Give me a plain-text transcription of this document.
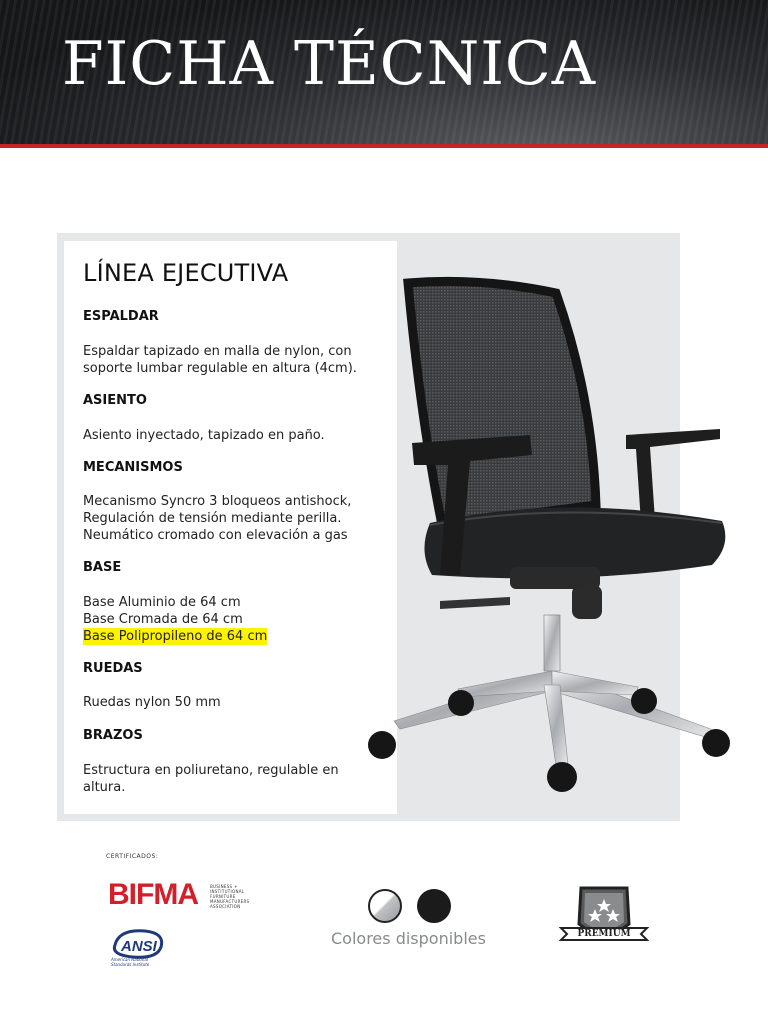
FICHA TÉCNICA
LÍNEA EJECUTIVA

ESPALDAR

Espaldar tapizado en malla de nylon, con
soporte lumbar regulable en altura (4cm).

ASIENTO

Asiento inyectado, tapizado en paño.

MECANISMOS

Mecanismo Syncro 3 bloqueos antishock,
Regulación de tensión mediante perilla.
Neumático cromado con elevación a gas

BASE

Base Aluminio de 64 cm
Base Cromada de 64 cm
Base Polipropileno de 64 cm

RUEDAS

Ruedas nylon 50 mm

BRAZOS

Estructura en poliuretano, regulable en
altura.

CERTIFICADOS:

BIFMA	BUSINESS +
INSTITUTIONAL
FURNITURE
MANUFACTURERS
ASSOCIATION
ANSI
American National
Standards Institute

Colores disponibles	PREMIUM
